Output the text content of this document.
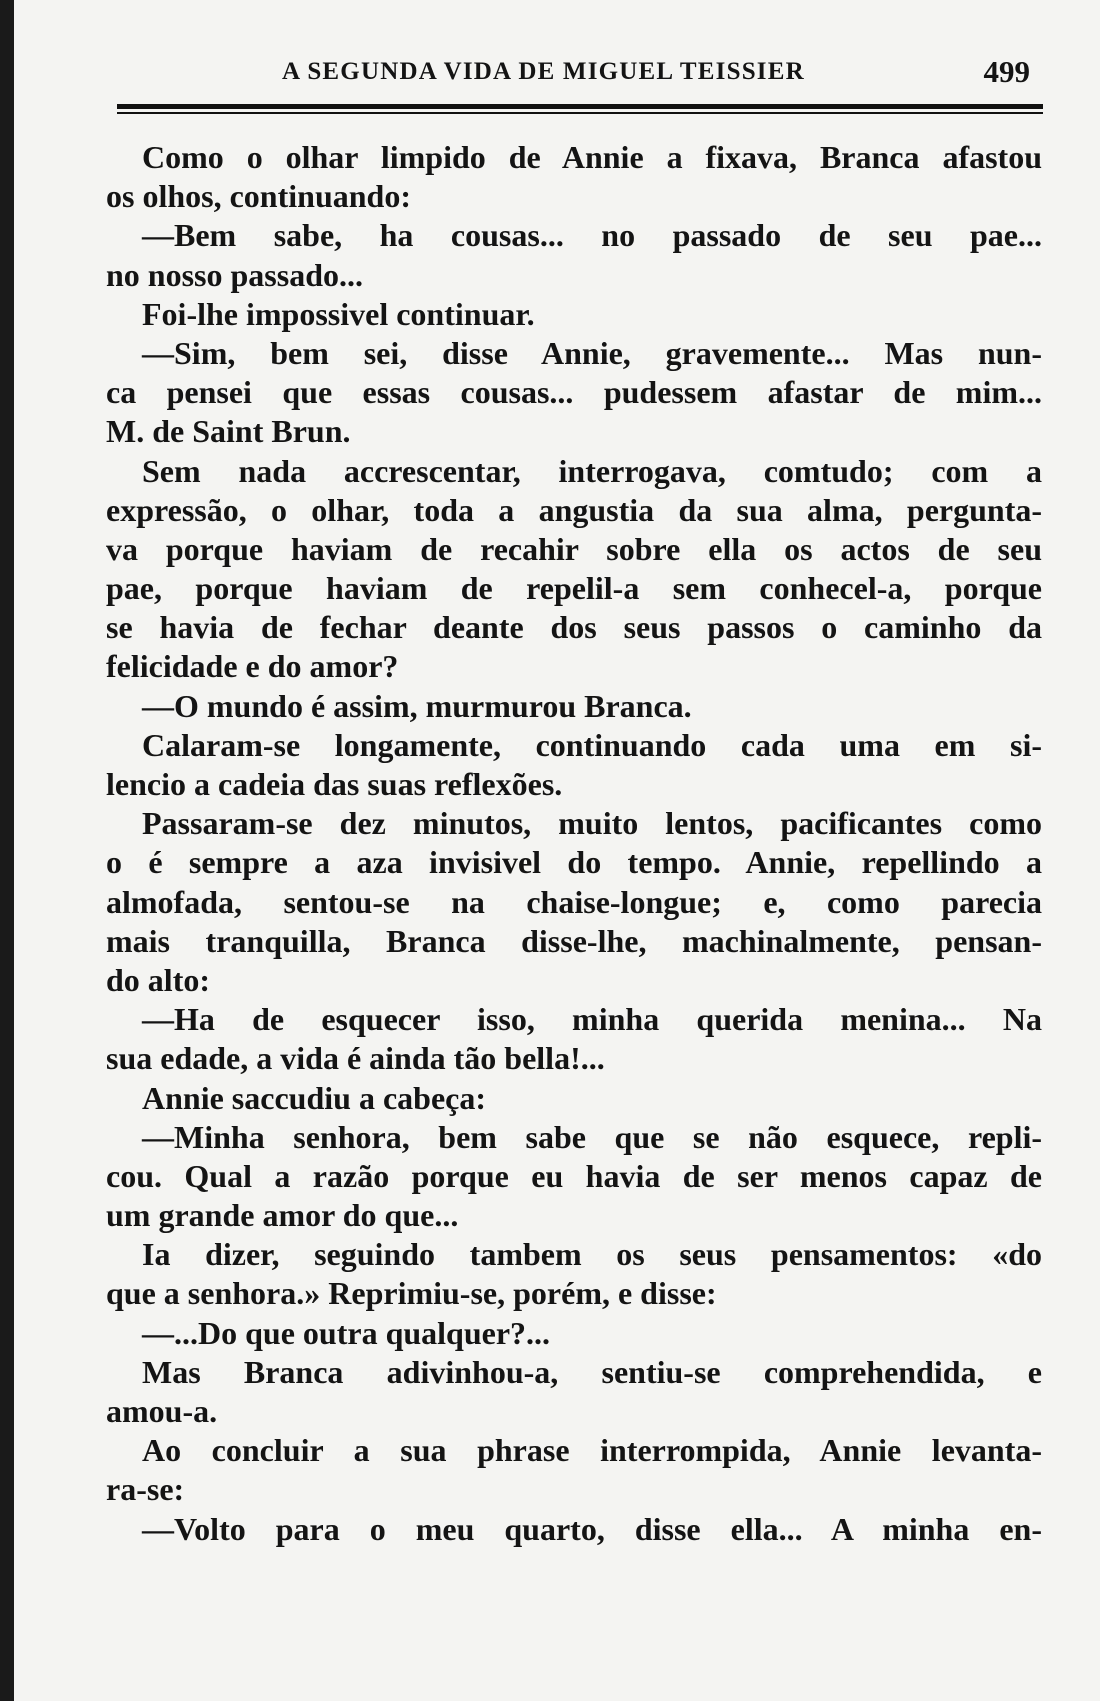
A SEGUNDA VIDA DE MIGUEL TEISSIER	499
Como o olhar limpido de Annie a fixava, Branca afastou
os olhos, continuando:
—Bem sabe, ha cousas... no passado de seu pae...
no nosso passado...
Foi-lhe impossivel continuar.
—Sim, bem sei, disse Annie, gravemente... Mas nun-
ca pensei que essas cousas... pudessem afastar de mim...
M. de Saint Brun.
Sem nada accrescentar, interrogava, comtudo; com a
expressão, o olhar, toda a angustia da sua alma, pergunta-
va porque haviam de recahir sobre ella os actos de seu
pae, porque haviam de repelil-a sem conhecel-a, porque
se havia de fechar deante dos seus passos o caminho da
felicidade e do amor?
—O mundo é assim, murmurou Branca.
Calaram-se longamente, continuando cada uma em si-
lencio a cadeia das suas reflexões.
Passaram-se dez minutos, muito lentos, pacificantes como
o é sempre a aza invisivel do tempo. Annie, repellindo a
almofada, sentou-se na chaise-longue; e, como parecia
mais tranquilla, Branca disse-lhe, machinalmente, pensan-
do alto:
—Ha de esquecer isso, minha querida menina... Na
sua edade, a vida é ainda tão bella!...
Annie saccudiu a cabeça:
—Minha senhora, bem sabe que se não esquece, repli-
cou. Qual a razão porque eu havia de ser menos capaz de
um grande amor do que...
Ia dizer, seguindo tambem os seus pensamentos: «do
que a senhora.» Reprimiu-se, porém, e disse:
—...Do que outra qualquer?...
Mas Branca adivinhou-a, sentiu-se comprehendida, e
amou-a.
Ao concluir a sua phrase interrompida, Annie levanta-
ra-se:
—Volto para o meu quarto, disse ella... A minha en-
